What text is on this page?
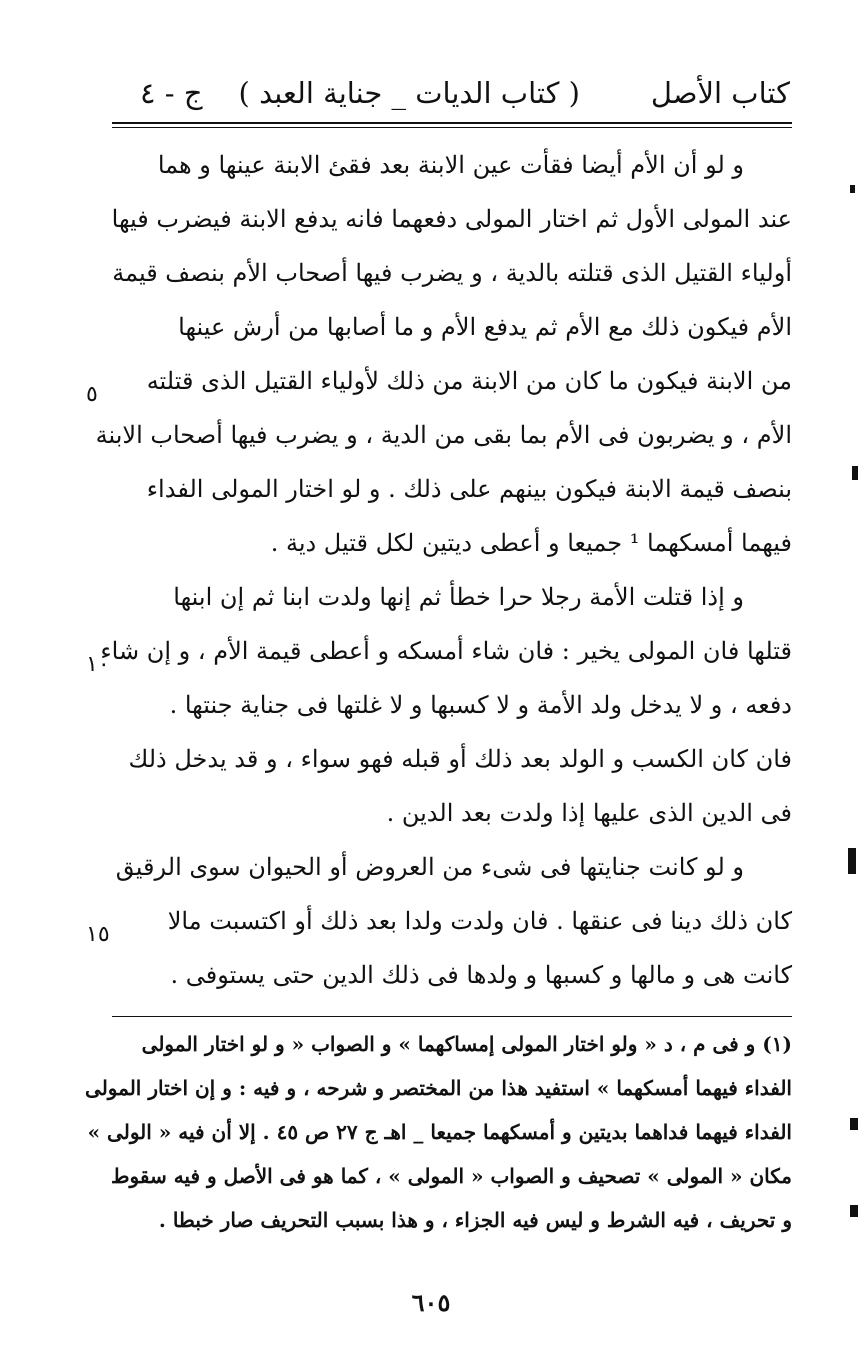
كتاب الأصل
( كتاب الديات _ جناية العبد )
ج - ٤
و لو أن الأم أيضا فقأت عين الابنة بعد فقئ الابنة عينها و هما
عند المولى الأول ثم اختار المولى دفعهما فانه يدفع الابنة فيضرب فيها
أولياء القتيل الذى قتلته بالدية ، و يضرب فيها أصحاب الأم بنصف قيمة
الأم فيكون ذلك مع الأم ثم يدفع الأم و ما أصابها من أرش عينها
من الابنة فيكون ما كان من الابنة من ذلك لأولياء القتيل الذى قتلته
الأم ، و يضربون فى الأم بما بقى من الدية ، و يضرب فيها أصحاب الابنة
بنصف قيمة الابنة فيكون بينهم على ذلك . و لو اختار المولى الفداء
فيهما أمسكهما ¹ جميعا و أعطى ديتين لكل قتيل دية .
و إذا قتلت الأمة رجلا حرا خطأ ثم إنها ولدت ابنا ثم إن ابنها
قتلها فان المولى يخير : فان شاء أمسكه و أعطى قيمة الأم ، و إن شاء
دفعه ، و لا يدخل ولد الأمة و لا كسبها و لا غلتها فى جناية جنتها .
فان كان الكسب و الولد بعد ذلك أو قبله فهو سواء ، و قد يدخل ذلك
فى الدين الذى عليها إذا ولدت بعد الدين .
و لو كانت جنايتها فى شىء من العروض أو الحيوان سوى الرقيق
كان ذلك دينا فى عنقها . فان ولدت ولدا بعد ذلك أو اكتسبت مالا
كانت هى و مالها و كسبها و ولدها فى ذلك الدين حتى يستوفى .
٥
١٠
١٥
(١) و فى م ، د « ولو اختار المولى إمساكهما » و الصواب « و لو اختار المولى
الفداء فيهما أمسكهما » استفيد هذا من المختصر و شرحه ، و فيه : و إن اختار المولى
الفداء فيهما فداهما بديتين و أمسكهما جميعا _ اهـ ج ٢٧ ص ٤٥ . إلا أن فيه « الولى »
مكان « المولى » تصحيف و الصواب « المولى » ، كما هو فى الأصل و فيه سقوط
و تحريف ، فيه الشرط و ليس فيه الجزاء ، و هذا بسبب التحريف صار خبطا .
٦٠٥
